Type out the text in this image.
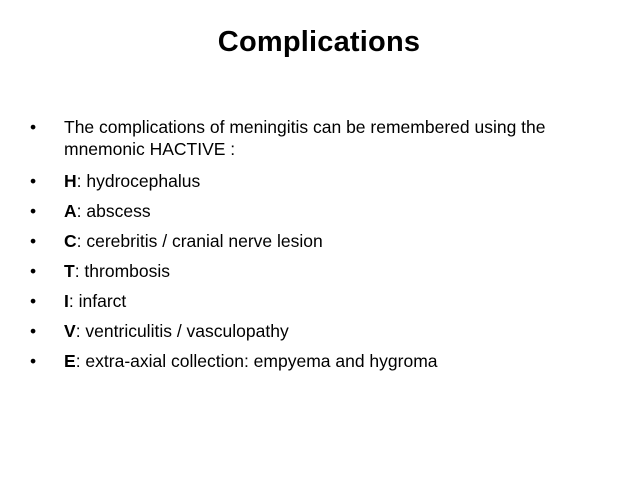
Complications
•	The complications of meningitis can be remembered using the mnemonic HACTIVE :
•	H: hydrocephalus
•	A: abscess
•	C: cerebritis / cranial nerve lesion
•	T: thrombosis
•	I: infarct
•	V: ventriculitis / vasculopathy
•	E: extra-axial collection: empyema and hygroma
